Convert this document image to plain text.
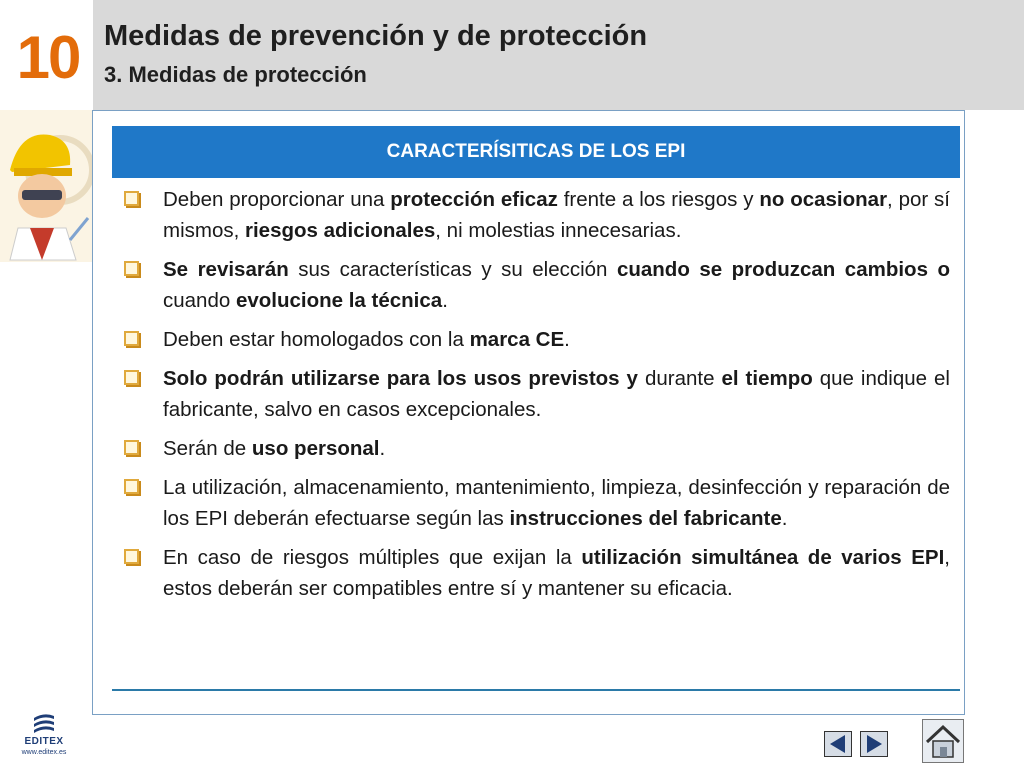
10 Medidas de prevención y de protección
3. Medidas de protección
CARACTERÍSITICAS DE LOS EPI
Deben proporcionar una protección eficaz frente a los riesgos y no ocasionar, por sí mismos, riesgos adicionales, ni molestias innecesarias.
Se revisarán sus características y su elección cuando se produzcan cambios o cuando evolucione la técnica.
Deben estar homologados con la marca CE.
Solo podrán utilizarse para los usos previstos y durante el tiempo que indique el fabricante, salvo en casos excepcionales.
Serán de uso personal.
La utilización, almacenamiento, mantenimiento, limpieza, desinfección y reparación de los EPI deberán efectuarse según las instrucciones del fabricante.
En caso de riesgos múltiples que exijan la utilización simultánea de varios EPI, estos deberán ser compatibles entre sí y mantener su eficacia.
EDITEX
www.editex.es
